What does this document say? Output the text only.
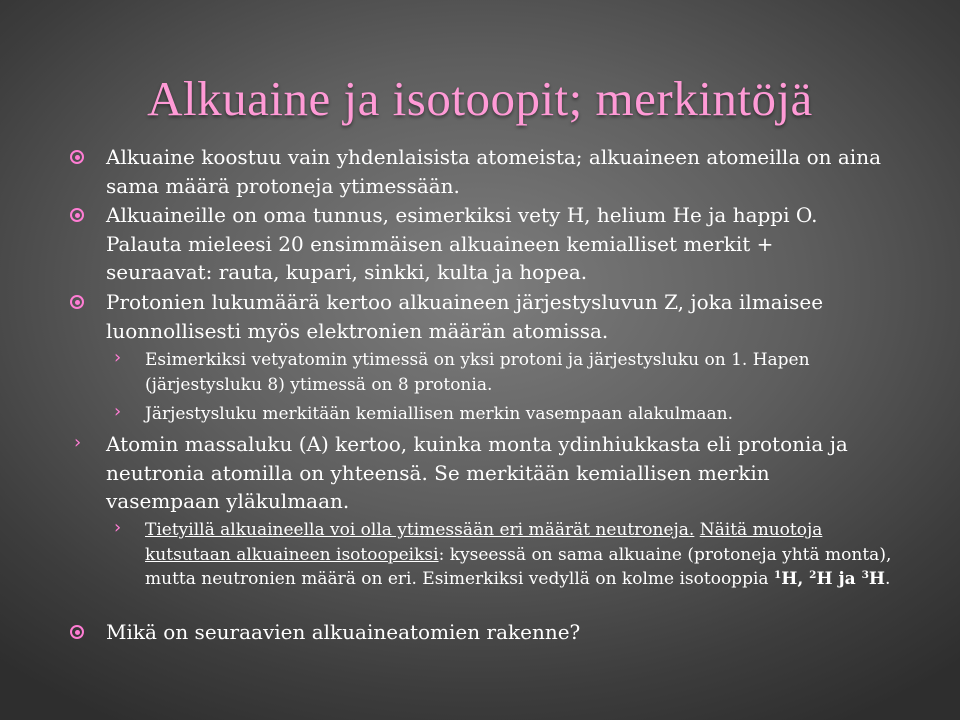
Alkuaine ja isotoopit; merkintöjä
Alkuaine koostuu vain yhdenlaisista atomeista; alkuaineen atomeilla on aina sama määrä protoneja ytimessään.
Alkuaineille on oma tunnus, esimerkiksi vety H, helium He ja happi O. Palauta mieleesi 20 ensimmäisen alkuaineen kemialliset merkit + seuraavat: rauta, kupari, sinkki, kulta ja hopea.
Protonien lukumäärä kertoo alkuaineen järjestysluvun Z, joka ilmaisee luonnollisesti myös elektronien määrän atomissa.
› Esimerkiksi vetyatomin ytimessä on yksi protoni ja järjestysluku on 1. Hapen (järjestysluku 8) ytimessä on 8 protonia.
› Järjestysluku merkitään kemiallisen merkin vasempaan alakulmaan.
› Atomin massaluku (A) kertoo, kuinka monta ydinhiukkasta eli protonia ja neutronia atomilla on yhteensä. Se merkitään kemiallisen merkin vasempaan yläkulmaan.
› Tietyillä alkuaineella voi olla ytimessään eri määrät neutroneja. Näitä muotoja kutsutaan alkuaineen isotoopeiksi: kyseessä on sama alkuaine (protoneja yhtä monta), mutta neutronien määrä on eri. Esimerkiksi vedyllä on kolme isotooppia $^1$H, $^2$H ja $^3$H.
Mikä on seuraavien alkuaineatomien rakenne?
